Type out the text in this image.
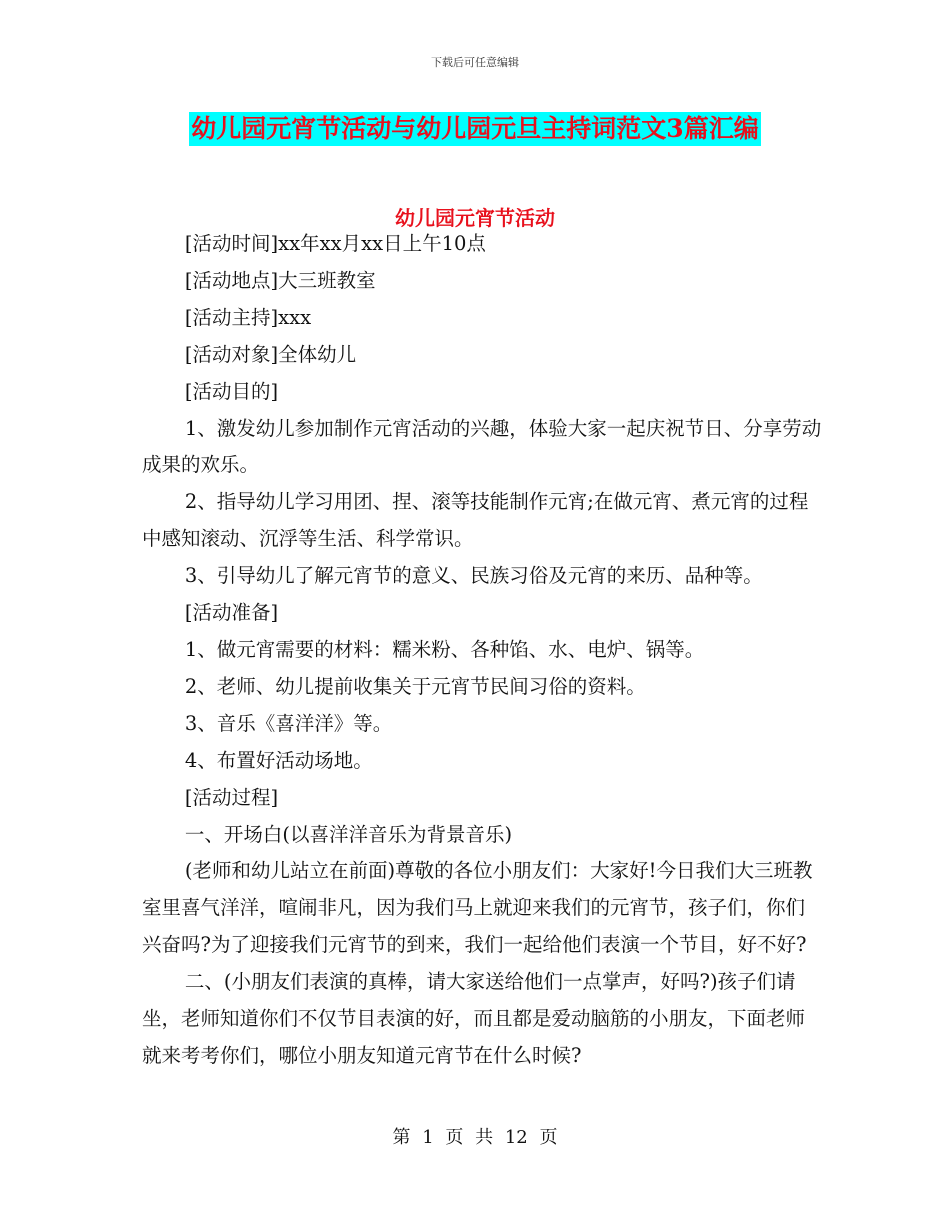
下载后可任意编辑
幼儿园元宵节活动与幼儿园元旦主持词范文3篇汇编
幼儿园元宵节活动

[活动时间]xx年xx月xx日上午10点

[活动地点]大三班教室

[活动主持]xxx

[活动对象]全体幼儿

[活动目的]

1、激发幼儿参加制作元宵活动的兴趣，体验大家一起庆祝节日、分享劳动成果的欢乐。

2、指导幼儿学习用团、捏、滚等技能制作元宵;在做元宵、煮元宵的过程中感知滚动、沉浮等生活、科学常识。

3、引导幼儿了解元宵节的意义、民族习俗及元宵的来历、品种等。

[活动准备]

1、做元宵需要的材料：糯米粉、各种馅、水、电炉、锅等。

2、老师、幼儿提前收集关于元宵节民间习俗的资料。

3、音乐《喜洋洋》等。

4、布置好活动场地。

[活动过程]

一、开场白(以喜洋洋音乐为背景音乐)

(老师和幼儿站立在前面)尊敬的各位小朋友们：大家好!今日我们大三班教室里喜气洋洋，喧闹非凡，因为我们马上就迎来我们的元宵节，孩子们，你们兴奋吗?为了迎接我们元宵节的到来，我们一起给他们表演一个节目，好不好?

二、(小朋友们表演的真棒，请大家送给他们一点掌声，好吗?)孩子们请坐，老师知道你们不仅节目表演的好，而且都是爱动脑筋的小朋友，下面老师就来考考你们，哪位小朋友知道元宵节在什么时候?

第 1 页 共 12 页
